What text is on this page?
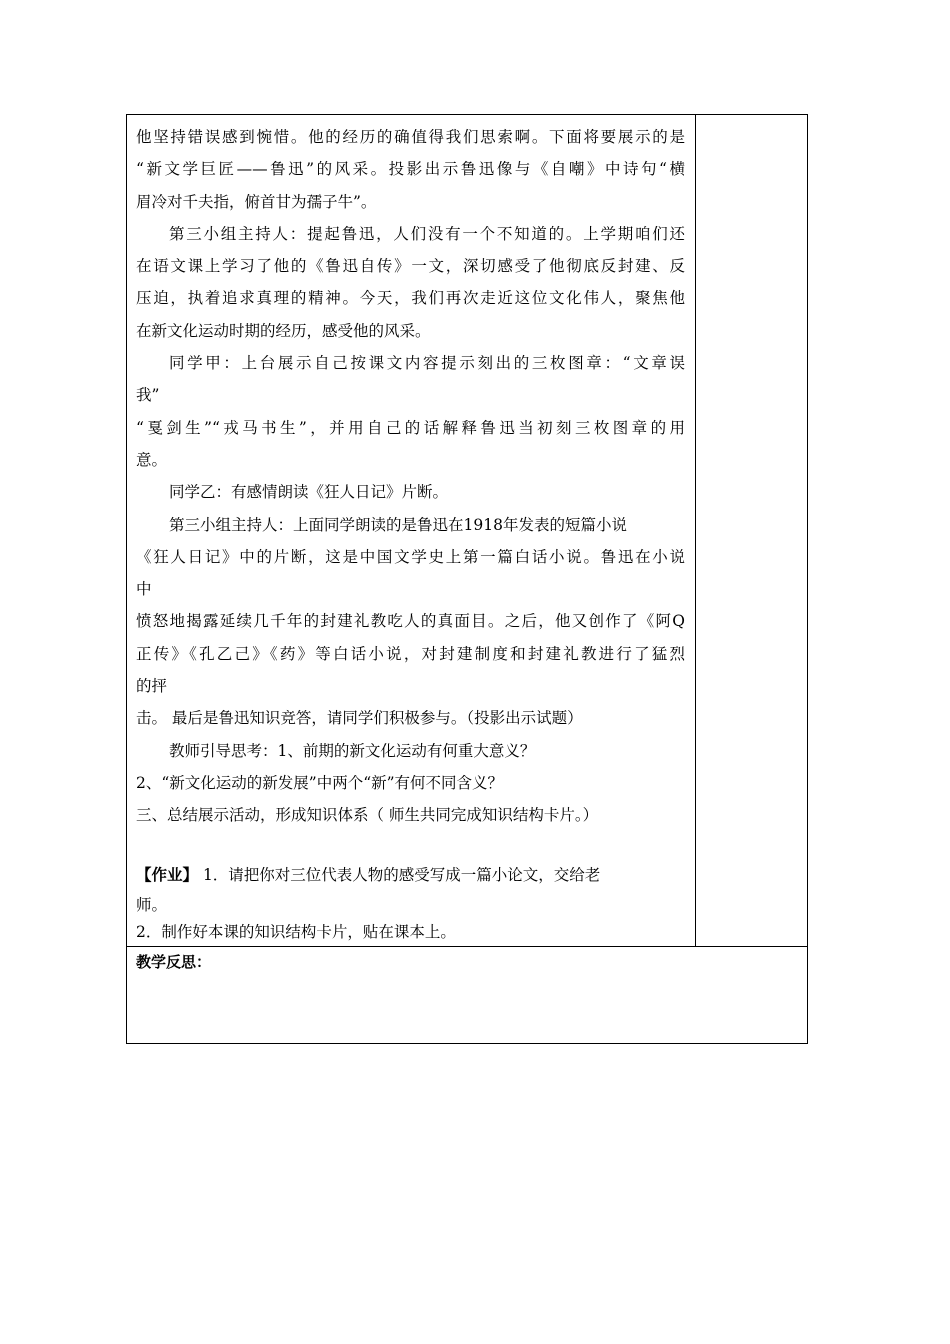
他坚持错误感到惋惜。他的经历的确值得我们思索啊。下面将要展示的是
“新文学巨匠——鲁迅”的风采。投影出示鲁迅像与《自嘲》中诗句“横
眉冷对千夫指，俯首甘为孺子牛”。
第三小组主持人：提起鲁迅，人们没有一个不知道的。上学期咱们还
在语文课上学习了他的《鲁迅自传》一文，深切感受了他彻底反封建、反
压迫，执着追求真理的精神。今天，我们再次走近这位文化伟人，聚焦他
在新文化运动时期的经历，感受他的风采。
同学甲：上台展示自己按课文内容提示刻出的三枚图章：“文章误
我”
“戛剑生”“戎马书生”，并用自己的话解释鲁迅当初刻三枚图章的用
意。
同学乙：有感情朗读《狂人日记》片断。
第三小组主持人：上面同学朗读的是鲁迅在1918年发表的短篇小说
《狂人日记》中的片断，这是中国文学史上第一篇白话小说。鲁迅在小说
中
愤怒地揭露延续几千年的封建礼教吃人的真面目。之后，他又创作了《阿Q
正传》《孔乙己》《药》等白话小说，对封建制度和封建礼教进行了猛烈
的抨
击。 最后是鲁迅知识竞答，请同学们积极参与。（投影出示试题）
教师引导思考：1、前期的新文化运动有何重大意义？
2、“新文化运动的新发展”中两个“新”有何不同含义？
三、总结展示活动，形成知识体系（ 师生共同完成知识结构卡片。）
【作业】 1．请把你对三位代表人物的感受写成一篇小论文，交给老
师。
2．制作好本课的知识结构卡片，贴在课本上。

教学反思：
